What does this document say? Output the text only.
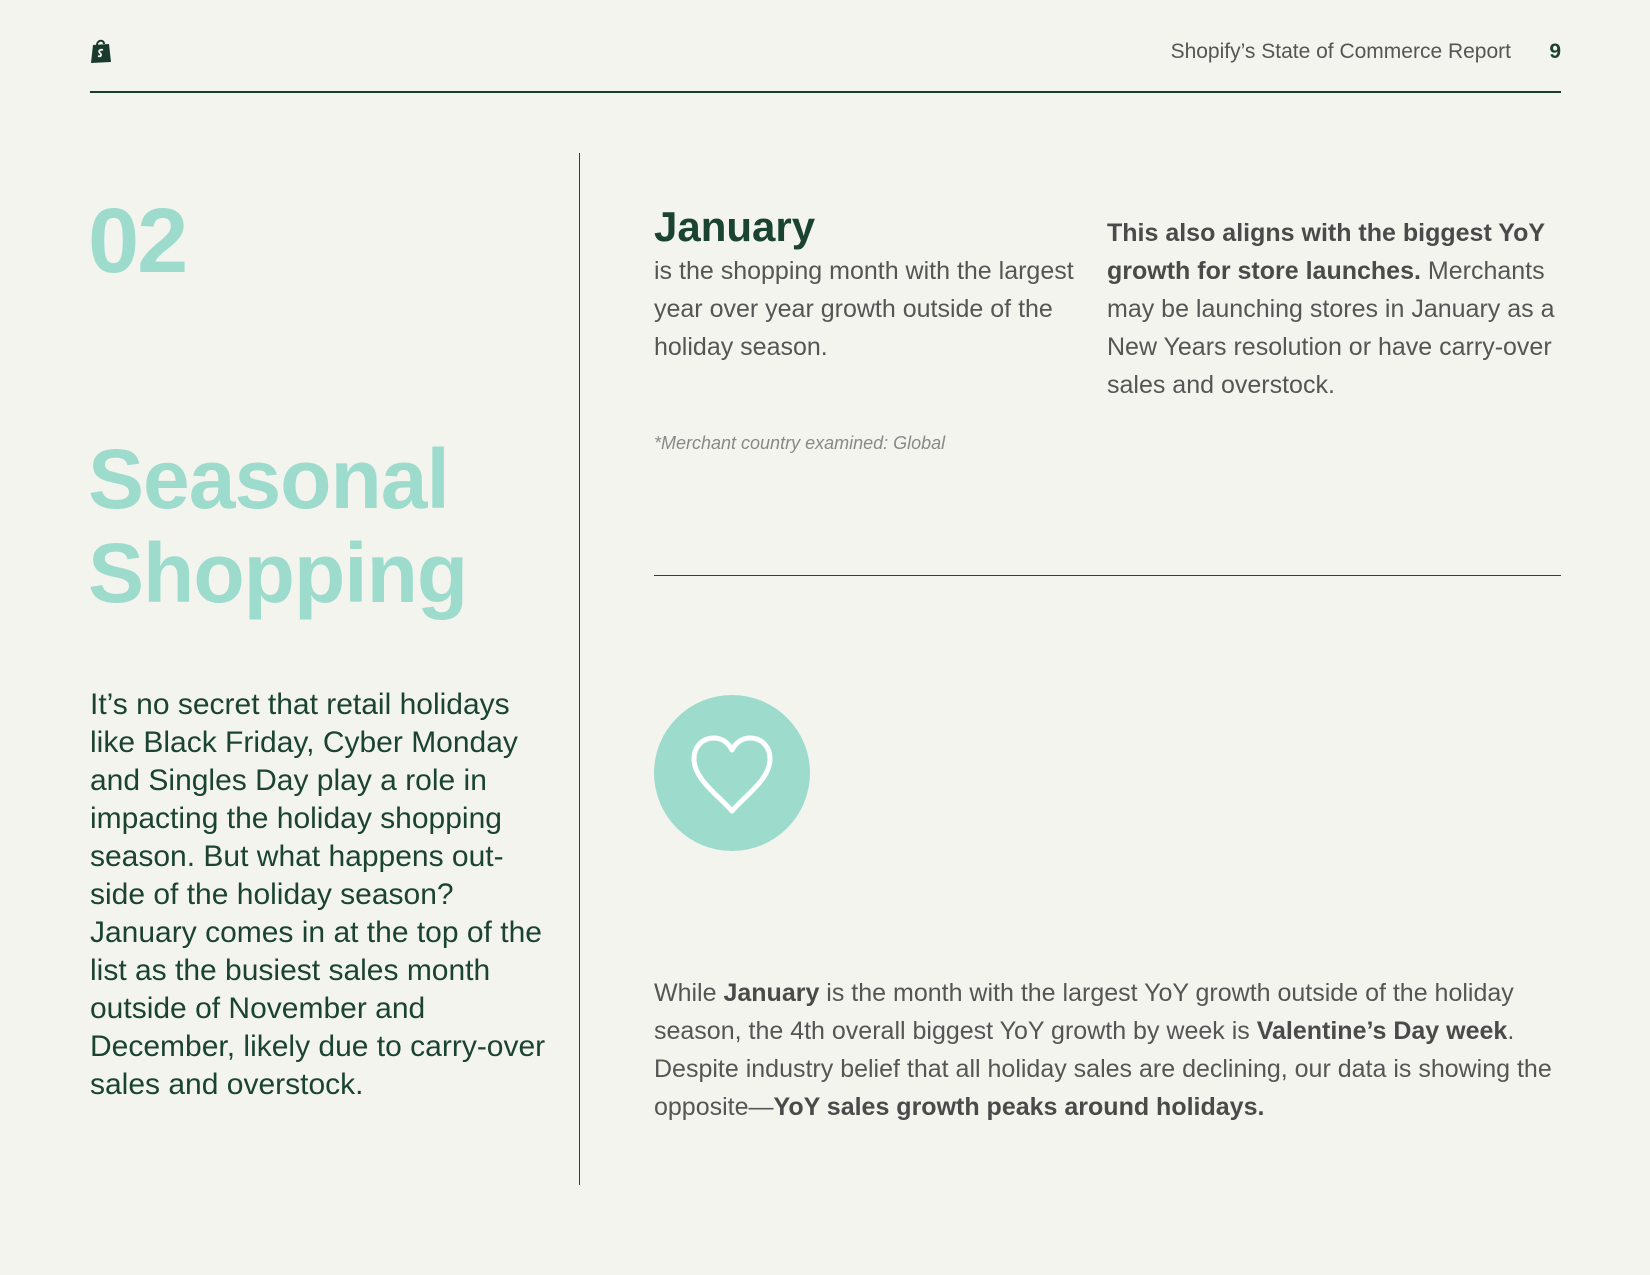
Shopify’s State of Commerce Report	9
02
Seasonal
Shopping
It’s no secret that retail holidays like Black Friday, Cyber Monday and Singles Day play a role in impacting the holiday shopping season. But what happens out-side of the holiday season? January comes in at the top of the list as the busiest sales month outside of November and December, likely due to carry-over sales and overstock.
January
is the shopping month with the largest year over year growth outside of the holiday season.
This also aligns with the biggest YoY growth for store launches. Merchants may be launching stores in January as a New Years resolution or have carry-over sales and overstock.
*Merchant country examined: Global
While January is the month with the largest YoY growth outside of the holiday season, the 4th overall biggest YoY growth by week is Valentine’s Day week. Despite industry belief that all holiday sales are declining, our data is showing the opposite—YoY sales growth peaks around holidays.
